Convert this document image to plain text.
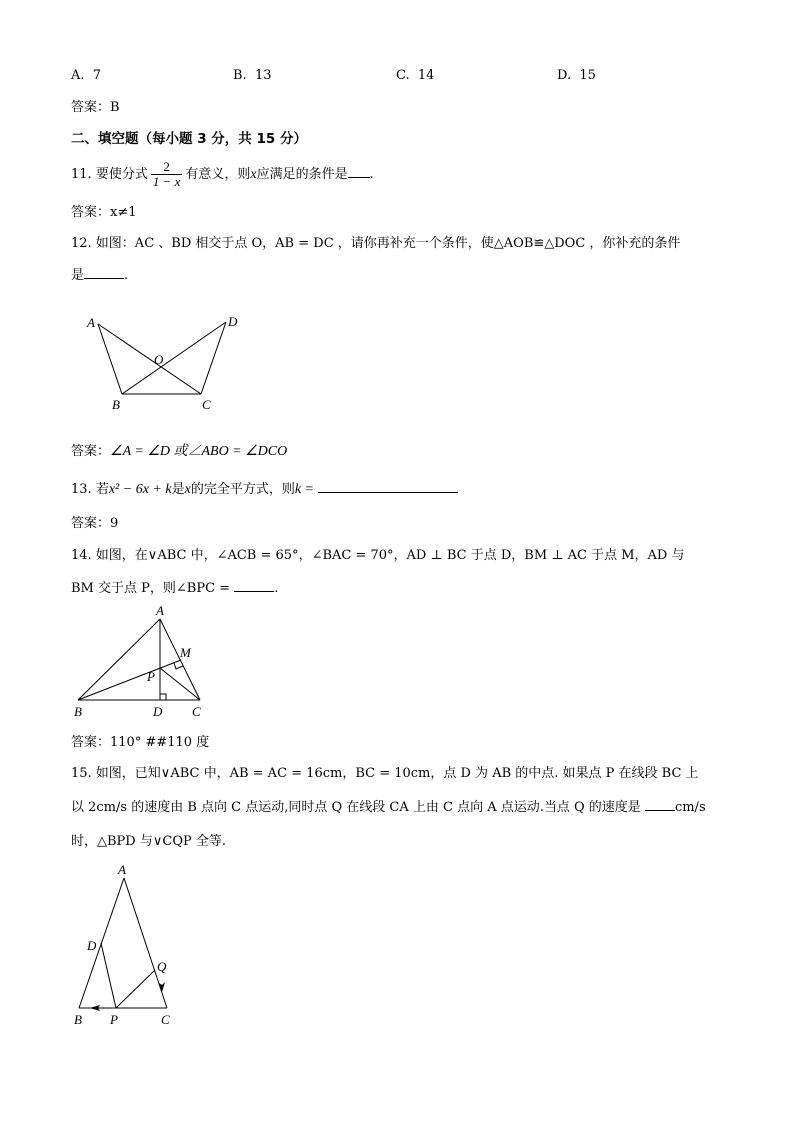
A. 7	B. 13	C. 14	D. 15
答案：B
二、填空题（每小题 3 分，共 15 分）
11. 要使分式 $\frac{2}{1 - x}$ 有意义，则x应满足的条件是 .
答案：x≠1
12. 如图：AC 、BD 相交于点 O，AB = DC ，请你再补充一个条件，使△AOB≌△DOC ，你补充的条件
是	.
A	D
O
B	C
答案：∠A = ∠D 或∠ABO = ∠DCO
13. 若x² − 6x + k是x的完全平方式，则k =
答案：9
14. 如图，在∨ABC 中，∠ACB = 65°，∠BAC = 70°，AD ⊥ BC 于点 D，BM ⊥ AC 于点 M，AD 与
BM 交于点 P，则∠BPC =	.
A
M
P
B	D C
答案：110° ##110 度
15. 如图，已知∨ABC 中，AB = AC = 16cm，BC = 10cm，点 D 为 AB 的中点. 如果点 P 在线段 BC 上
以 2cm/s 的速度由 B 点向 C 点运动,同时点 Q 在线段 CA 上由 C 点向 A 点运动.当点 Q 的速度是	cm/s
时，△BPD 与∨CQP 全等.
A
D
Q
B P	C
